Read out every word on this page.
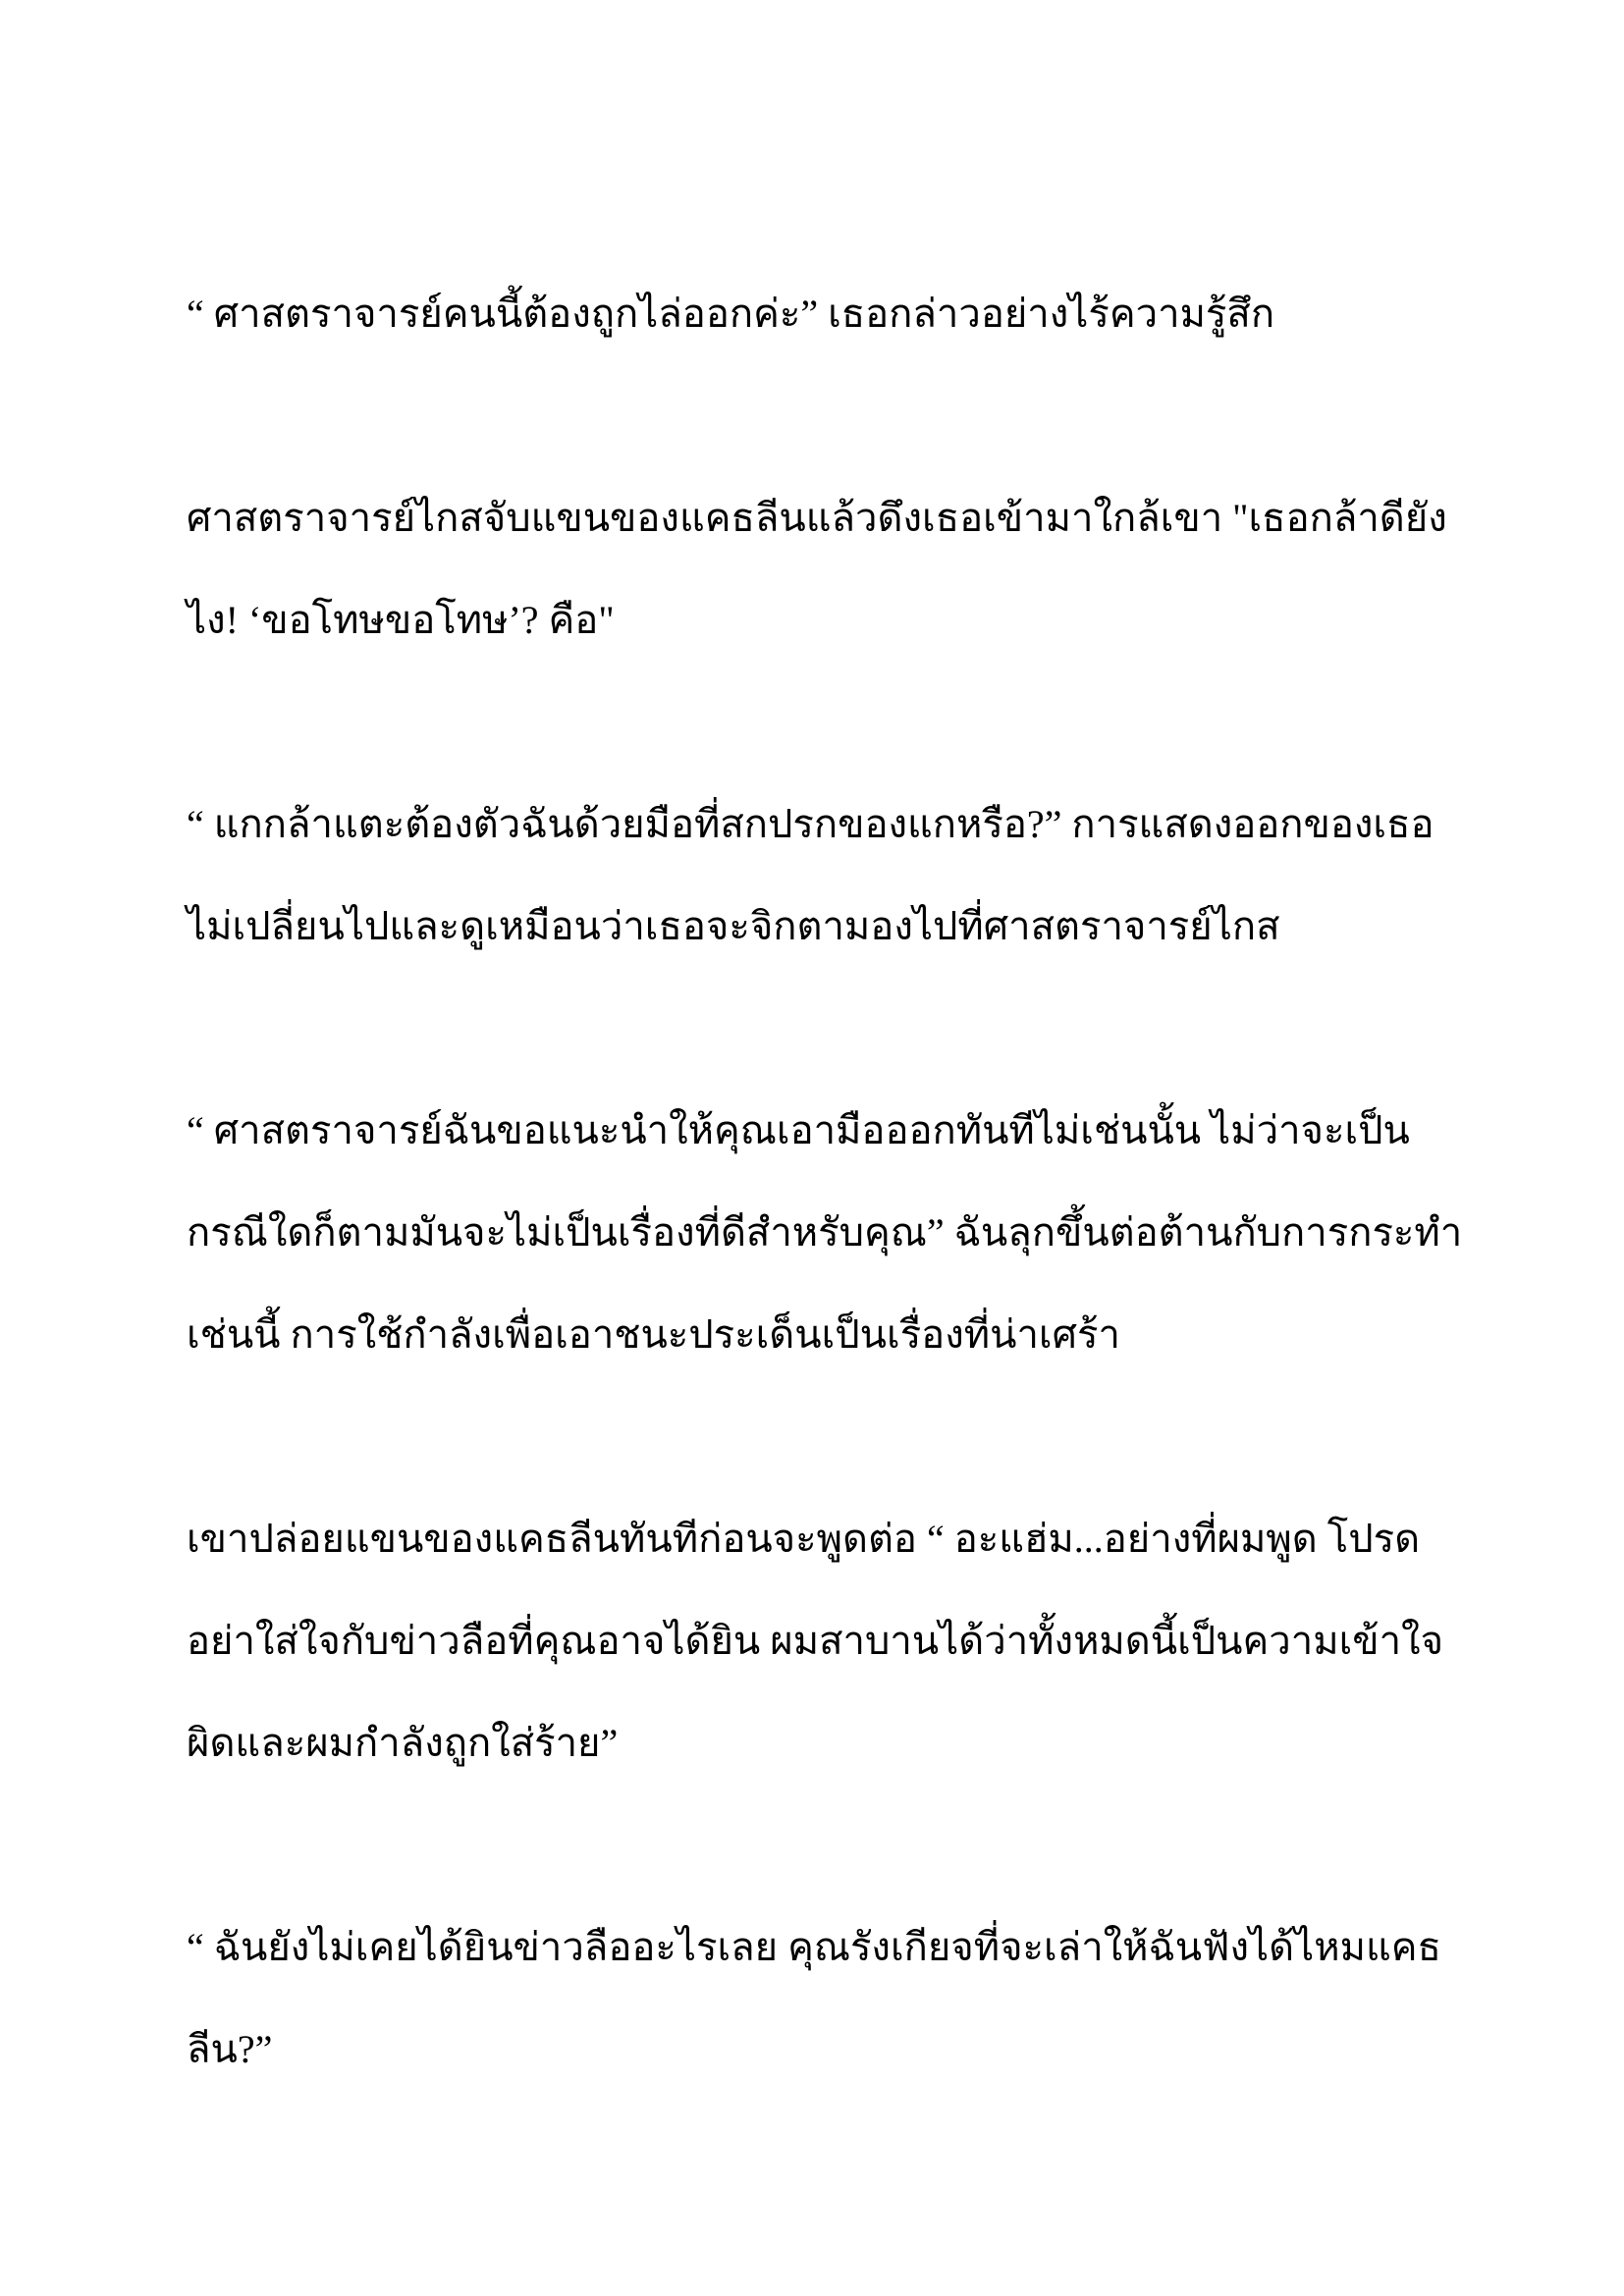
“ ศาสตราจารย์คนนี้ต้องถูกไล่ออกค่ะ” เธอกล่าวอย่างไร้ความรู้สึก

ศาสตราจารย์ไกสจับแขนของแคธลีนแล้วดึงเธอเข้ามาใกล้เขา "เธอกล้าดียังไง! ‘ขอโทษขอโทษ’? คือ"

“ แกกล้าแตะต้องตัวฉันด้วยมือที่สกปรกของแกหรือ?” การแสดงออกของเธอไม่เปลี่ยนไปและดูเหมือนว่าเธอจะจิกตามองไปที่ศาสตราจารย์ไกส

“ ศาสตราจารย์ฉันขอแนะนำให้คุณเอามือออกทันทีไม่เช่นนั้น ไม่ว่าจะเป็นกรณีใดก็ตามมันจะไม่เป็นเรื่องที่ดีสำหรับคุณ” ฉันลุกขึ้นต่อต้านกับการกระทำเช่นนี้ การใช้กำลังเพื่อเอาชนะประเด็นเป็นเรื่องที่น่าเศร้า

เขาปล่อยแขนของแคธลีนทันทีก่อนจะพูดต่อ “ อะแฮ่ม...อย่างที่ผมพูด โปรดอย่าใส่ใจกับข่าวลือที่คุณอาจได้ยิน ผมสาบานได้ว่าทั้งหมดนี้เป็นความเข้าใจผิดและผมกำลังถูกใส่ร้าย”

“ ฉันยังไม่เคยได้ยินข่าวลืออะไรเลย คุณรังเกียจที่จะเล่าให้ฉันฟังได้ไหมแคธลีน?”
